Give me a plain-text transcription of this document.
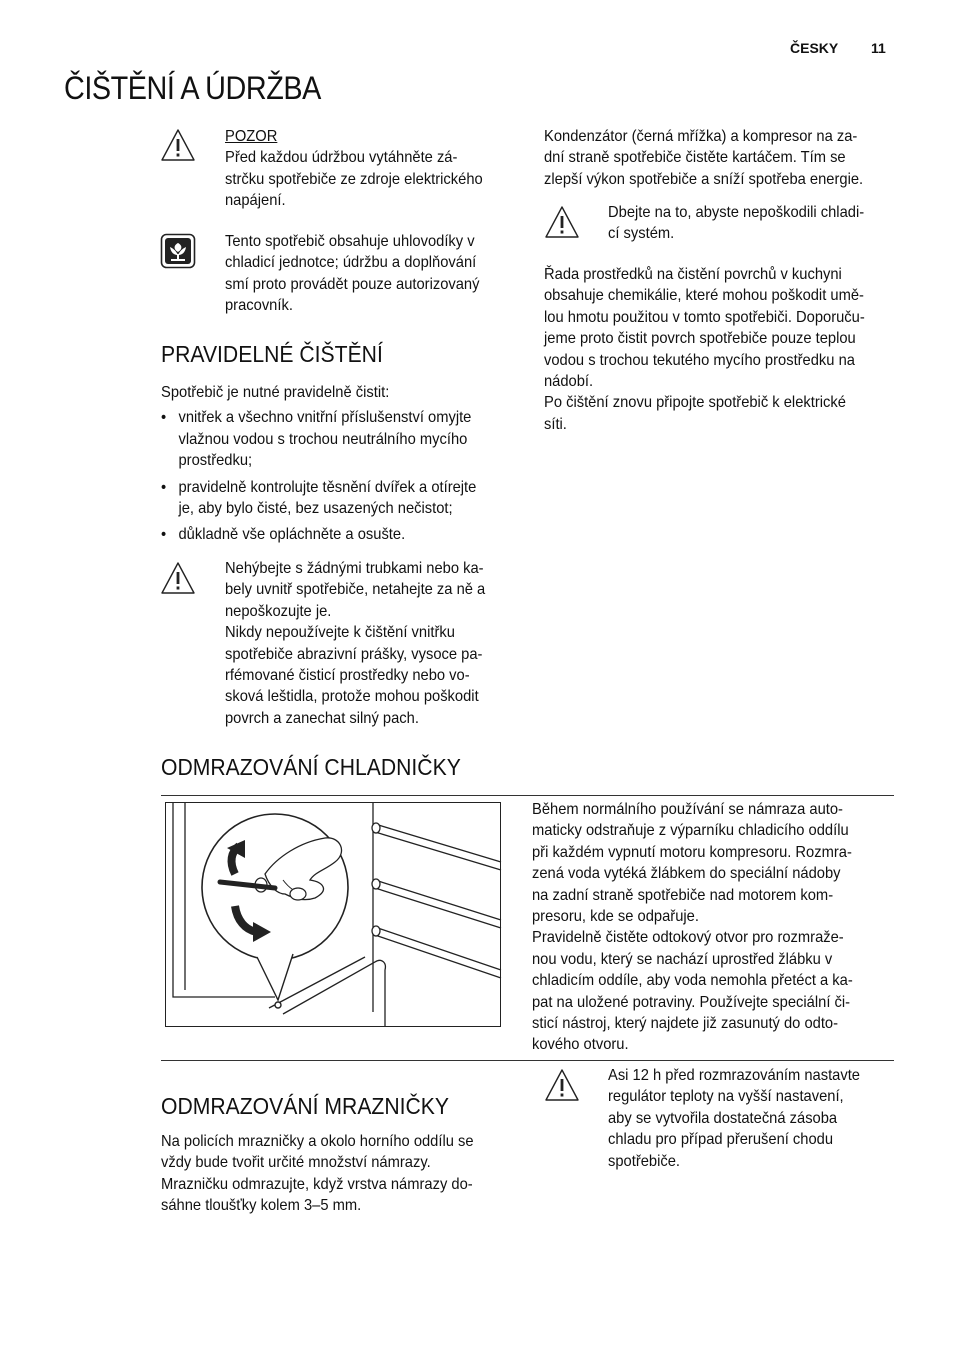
ČESKY 11
ČIŠTĚNÍ A ÚDRŽBA

POZOR

Před každou údržbou vytáhněte zá-

strčku spotřebiče ze zdroje elektrického

napájení.

Tento spotřebič obsahuje uhlovodíky v

chladicí jednotce; údržbu a doplňování

smí proto provádět pouze autorizovaný

pracovník.

PRAVIDELNÉ ČIŠTĚNÍ

Spotřebič je nutné pravidelně čistit:

• vnitřek a všechno vnitřní příslušenství omyjte

vlažnou vodou s trochou neutrálního mycího

prostředku;

• pravidelně kontrolujte těsnění dvířek a otírejte

je, aby bylo čisté, bez usazených nečistot;

• důkladně vše opláchněte a osušte.

Nehýbejte s žádnými trubkami nebo ka-

bely uvnitř spotřebiče, netahejte za ně a

nepoškozujte je.

Nikdy nepoužívejte k čištění vnitřku

spotřebiče abrazivní prášky, vysoce pa-

rfémované čisticí prostředky nebo vo-

sková leštidla, protože mohou poškodit

povrch a zanechat silný pach.

Kondenzátor (černá mřížka) a kompresor na za-

dní straně spotřebiče čistěte kartáčem. Tím se

zlepší výkon spotřebiče a sníží spotřeba energie.

Dbejte na to, abyste nepoškodili chladi-

cí systém.

Řada prostředků na čistění povrchů v kuchyni

obsahuje chemikálie, které mohou poškodit umě-

lou hmotu použitou v tomto spotřebiči. Doporuču-

jeme proto čistit povrch spotřebiče pouze teplou

vodou s trochou tekutého mycího prostředku na

nádobí.

Po čištění znovu připojte spotřebič k elektrické

síti.

ODMRAZOVÁNÍ CHLADNIČKY

Během normálního používání se námraza auto-

maticky odstraňuje z výparníku chladicího oddílu

při každém vypnutí motoru kompresoru. Rozmra-

zená voda vytéká žlábkem do speciální nádoby

na zadní straně spotřebiče nad motorem kom-

presoru, kde se odpařuje.

Pravidelně čistěte odtokový otvor pro rozmraže-

nou vodu, který se nachází uprostřed žlábku v

chladicím oddíle, aby voda nemohla přetéct a ka-

pat na uložené potraviny. Používejte speciální či-

sticí nástroj, který najdete již zasunutý do odto-

kového otvoru.

ODMRAZOVÁNÍ MRAZNIČKY

Na policích mrazničky a okolo horního oddílu se

vždy bude tvořit určité množství námrazy.

Mrazničku odmrazujte, když vrstva námrazy do-

sáhne tloušťky kolem 3–5 mm.

Asi 12 h před rozmrazováním nastavte

regulátor teploty na vyšší nastavení,

aby se vytvořila dostatečná zásoba

chladu pro případ přerušení chodu

spotřebiče.
